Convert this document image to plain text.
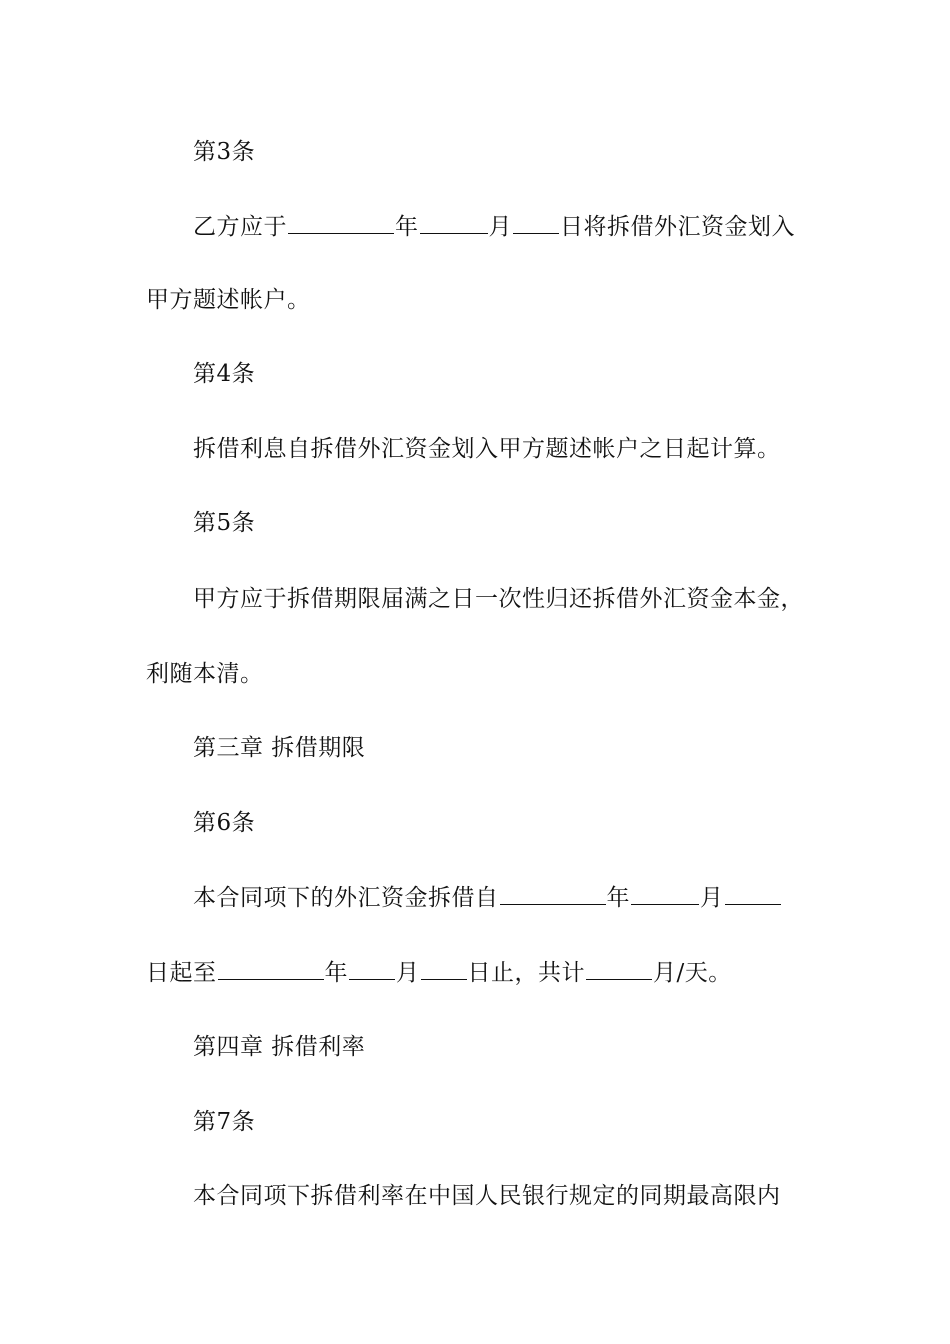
第3条
乙方应于	年	月 日将拆借外汇资金划入
甲方题述帐户。
第4条
拆借利息自拆借外汇资金划入甲方题述帐户之日起计算。
第5条
甲方应于拆借期限届满之日一次性归还拆借外汇资金本金，
利随本清。
第三章 拆借期限
第6条
本合同项下的外汇资金拆借自	年	月
日起至	年 月 日止，共计	月/天。
第四章 拆借利率
第7条
本合同项下拆借利率在中国人民银行规定的同期最高限内
